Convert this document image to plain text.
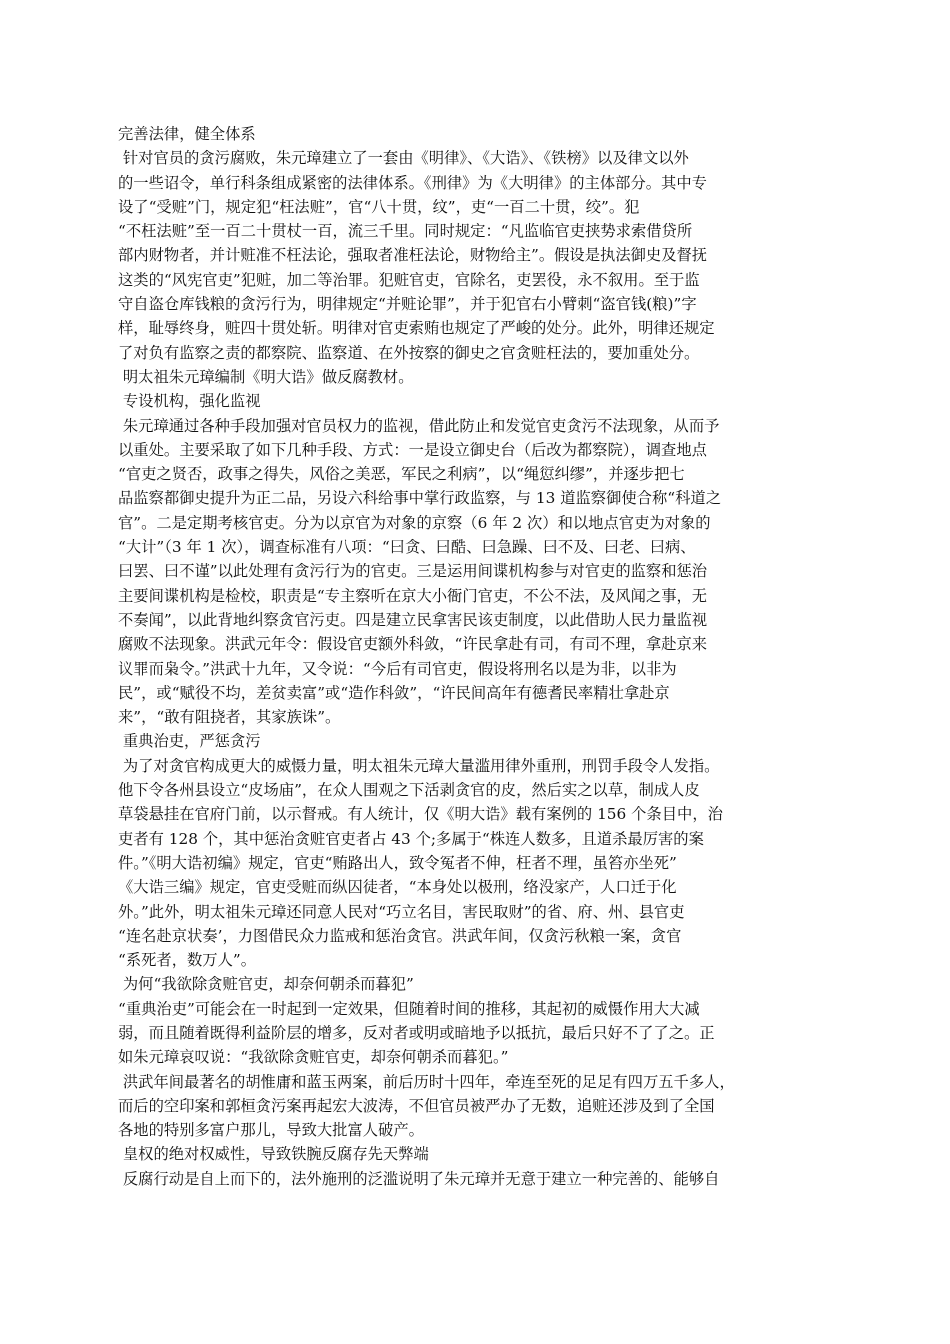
完善法律，健全体系
针对官员的贪污腐败，朱元璋建立了一套由《明律》、《大诰》、《铁榜》以及律文以外
的一些诏令，单行科条组成紧密的法律体系。《刑律》为《大明律》的主体部分。其中专
设了“受赃”门，规定犯“枉法赃”，官“八十贯，纹”，吏“一百二十贯，绞”。犯
“不枉法赃”至一百二十贯杖一百，流三千里。同时规定：“凡监临官吏挟势求索借贷所
部内财物者，并计赃准不枉法论，强取者准枉法论，财物给主”。假设是执法御史及督抚
这类的“风宪官吏”犯赃，加二等治罪。犯赃官吏，官除名，吏罢役，永不叙用。至于监
守自盗仓库钱粮的贪污行为，明律规定“并赃论罪”，并于犯官右小臂刺“盗官钱(粮)”字
样，耻辱终身，赃四十贯处斩。明律对官吏索贿也规定了严峻的处分。此外，明律还规定
了对负有监察之责的都察院、监察道、在外按察的御史之官贪赃枉法的，要加重处分。
明太祖朱元璋编制《明大诰》做反腐教材。
专设机构，强化监视
朱元璋通过各种手段加强对官员权力的监视，借此防止和发觉官吏贪污不法现象，从而予
以重处。主要采取了如下几种手段、方式：一是设立御史台（后改为都察院），调查地点
“官吏之贤否，政事之得失，风俗之美恶，军民之利病”，以“绳愆纠缪”，并逐步把七
品监察都御史提升为正二品，另设六科给事中掌行政监察，与 13 道监察御使合称“科道之
官”。二是定期考核官吏。分为以京官为对象的京察（6 年 2 次）和以地点官吏为对象的
“大计”（3 年 1 次），调查标准有八项：“曰贪、曰酷、曰急躁、曰不及、曰老、曰病、
曰罢、曰不谨”以此处理有贪污行为的官吏。三是运用间谍机构参与对官吏的监察和惩治
主要间谍机构是检校，职责是“专主察听在京大小衙门官吏，不公不法，及风闻之事，无
不奏闻”，以此背地纠察贪官污吏。四是建立民拿害民该吏制度，以此借助人民力量监视
腐败不法现象。洪武元年令：假设官吏额外科敛，“许民拿赴有司，有司不理，拿赴京来
议罪而枭令。”洪武十九年，又令说：“今后有司官吏，假设将刑名以是为非，以非为
民”，或“赋役不均，差贫卖富”或“造作科敛”，“许民间高年有德耆民率精壮拿赴京
来”，“敢有阻挠者，其家族诛”。
重典治吏，严惩贪污
为了对贪官构成更大的威慑力量，明太祖朱元璋大量滥用律外重刑，刑罚手段令人发指。
他下令各州县设立“皮场庙”，在众人围观之下活剥贪官的皮，然后实之以草，制成人皮
草袋悬挂在官府门前，以示督戒。有人统计，仅《明大诰》载有案例的 156 个条目中，治
吏者有 128 个，其中惩治贪赃官吏者占 43 个;多属于“株连人数多，且道杀最厉害的案
件。”《明大诰初编》规定，官吏“贿路出人，致令冤者不伸，枉者不理，虽笞亦坐死”
《大诰三编》规定，官吏受赃而纵囚徒者，“本身处以极刑，络没家产，人口迁于化
外。”此外，明太祖朱元璋还同意人民对“巧立名目，害民取财”的省、府、州、县官吏
“连名赴京状奏’，力图借民众力监戒和惩治贪官。洪武年间，仅贪污秋粮一案，贪官
“系死者，数万人”。
为何“我欲除贪赃官吏，却奈何朝杀而暮犯”
“重典治吏”可能会在一时起到一定效果，但随着时间的推移，其起初的威慑作用大大减
弱，而且随着既得利益阶层的增多，反对者或明或暗地予以抵抗，最后只好不了了之。正
如朱元璋哀叹说：“我欲除贪赃官吏，却奈何朝杀而暮犯。”
洪武年间最著名的胡惟庸和蓝玉两案，前后历时十四年，牵连至死的足足有四万五千多人，
而后的空印案和郭桓贪污案再起宏大波涛，不但官员被严办了无数，追赃还涉及到了全国
各地的特别多富户那儿，导致大批富人破产。
皇权的绝对权威性，导致铁腕反腐存先天弊端
反腐行动是自上而下的，法外施刑的泛滥说明了朱元璋并无意于建立一种完善的、能够自
